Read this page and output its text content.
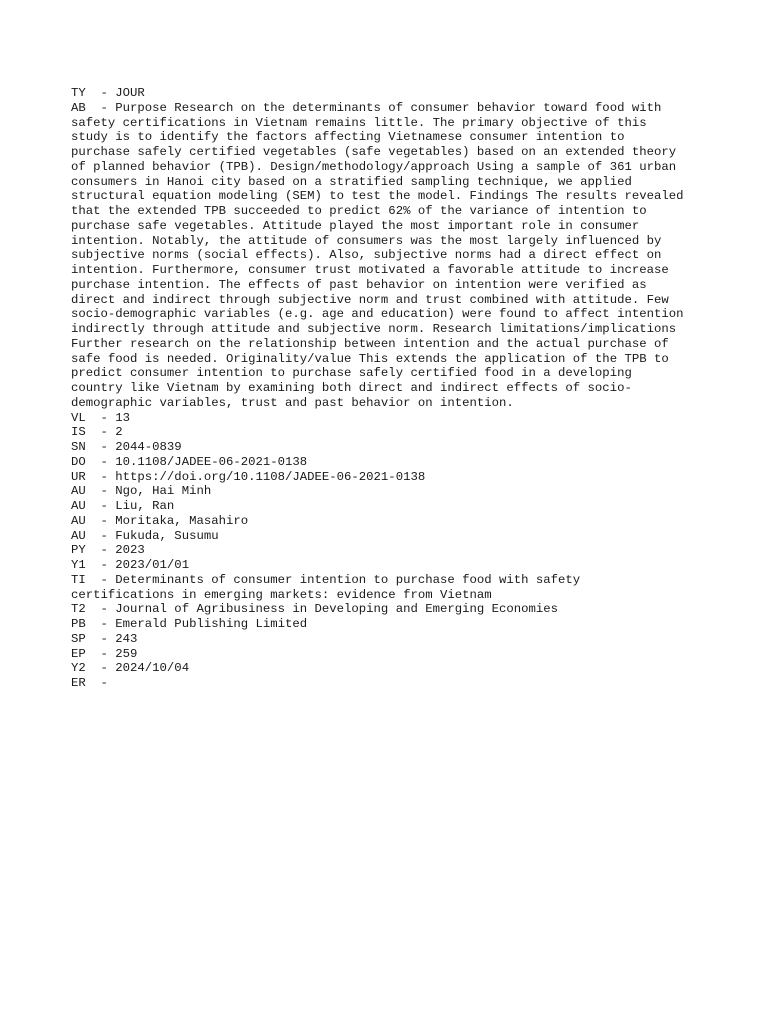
TY  - JOUR
AB  - Purpose Research on the determinants of consumer behavior toward food with
safety certifications in Vietnam remains little. The primary objective of this
study is to identify the factors affecting Vietnamese consumer intention to
purchase safely certified vegetables (safe vegetables) based on an extended theory
of planned behavior (TPB). Design/methodology/approach Using a sample of 361 urban
consumers in Hanoi city based on a stratified sampling technique, we applied
structural equation modeling (SEM) to test the model. Findings The results revealed
that the extended TPB succeeded to predict 62% of the variance of intention to
purchase safe vegetables. Attitude played the most important role in consumer
intention. Notably, the attitude of consumers was the most largely influenced by
subjective norms (social effects). Also, subjective norms had a direct effect on
intention. Furthermore, consumer trust motivated a favorable attitude to increase
purchase intention. The effects of past behavior on intention were verified as
direct and indirect through subjective norm and trust combined with attitude. Few
socio-demographic variables (e.g. age and education) were found to affect intention
indirectly through attitude and subjective norm. Research limitations/implications
Further research on the relationship between intention and the actual purchase of
safe food is needed. Originality/value This extends the application of the TPB to
predict consumer intention to purchase safely certified food in a developing
country like Vietnam by examining both direct and indirect effects of socio-
demographic variables, trust and past behavior on intention.
VL  - 13
IS  - 2
SN  - 2044-0839
DO  - 10.1108/JADEE-06-2021-0138
UR  - https://doi.org/10.1108/JADEE-06-2021-0138
AU  - Ngo, Hai Minh
AU  - Liu, Ran
AU  - Moritaka, Masahiro
AU  - Fukuda, Susumu
PY  - 2023
Y1  - 2023/01/01
TI  - Determinants of consumer intention to purchase food with safety
certifications in emerging markets: evidence from Vietnam
T2  - Journal of Agribusiness in Developing and Emerging Economies
PB  - Emerald Publishing Limited
SP  - 243
EP  - 259
Y2  - 2024/10/04
ER  -
